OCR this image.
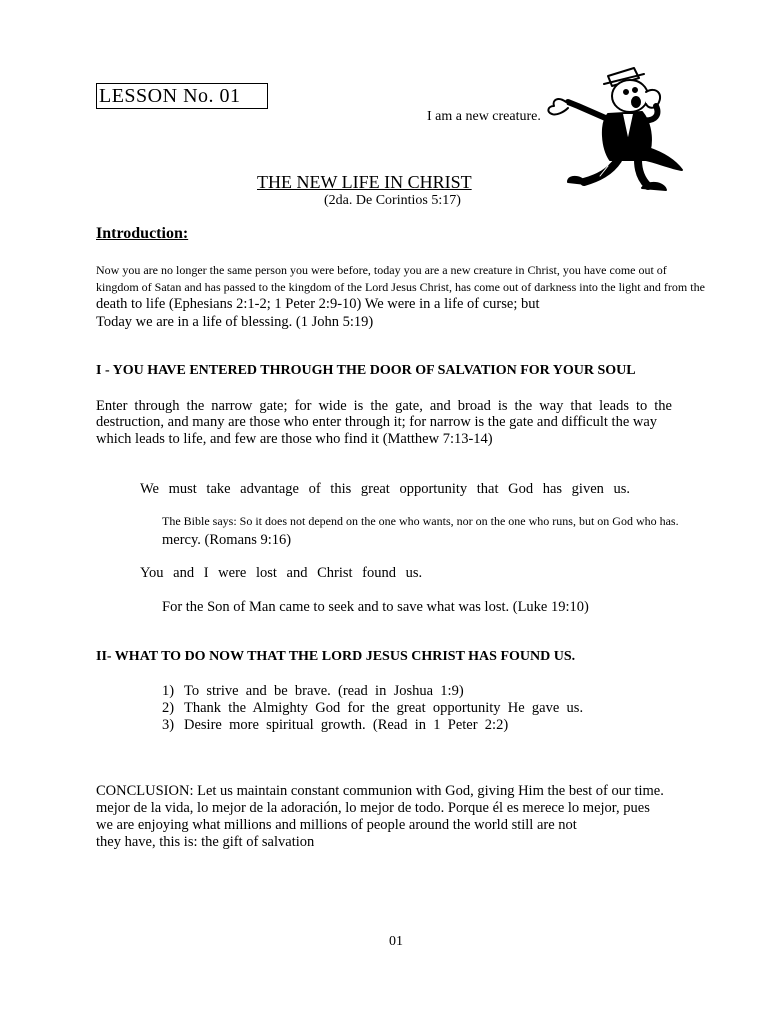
LESSON No. 01
I am a new creature.
THE NEW LIFE IN CHRIST
(2da. De Corintios 5:17)
Introduction:
Now you are no longer the same person you were before, today you are a new creature in Christ, you have come out of
kingdom of Satan and has passed to the kingdom of the Lord Jesus Christ, has come out of darkness into the light and from the
death to life (Ephesians 2:1-2; 1 Peter 2:9-10) We were in a life of curse; but
Today we are in a life of blessing. (1 John 5:19)
I - YOU HAVE ENTERED THROUGH THE DOOR OF SALVATION FOR YOUR SOUL
Enter through the narrow gate; for wide is the gate, and broad is the way that leads to the
destruction, and many are those who enter through it; for narrow is the gate and difficult the way
which leads to life, and few are those who find it (Matthew 7:13-14)
We must take advantage of this great opportunity that God has given us.
The Bible says: So it does not depend on the one who wants, nor on the one who runs, but on God who has.
mercy. (Romans 9:16)
You and I were lost and Christ found us.
For the Son of Man came to seek and to save what was lost. (Luke 19:10)
II- WHAT TO DO NOW THAT THE LORD JESUS CHRIST HAS FOUND US.
1) To  strive  and  be  brave.  (read  in  Joshua  1:9)
2) Thank  the  Almighty  God  for  the  great  opportunity  He  gave  us.
3) Desire  more  spiritual  growth.  (Read  in  1  Peter  2:2)
CONCLUSION: Let us maintain constant communion with God, giving Him the best of our time.
mejor de la vida, lo mejor de la adoración, lo mejor de todo. Porque él es merece lo mejor, pues
we are enjoying what millions and millions of people around the world still are not
they have, this is: the gift of salvation
01
